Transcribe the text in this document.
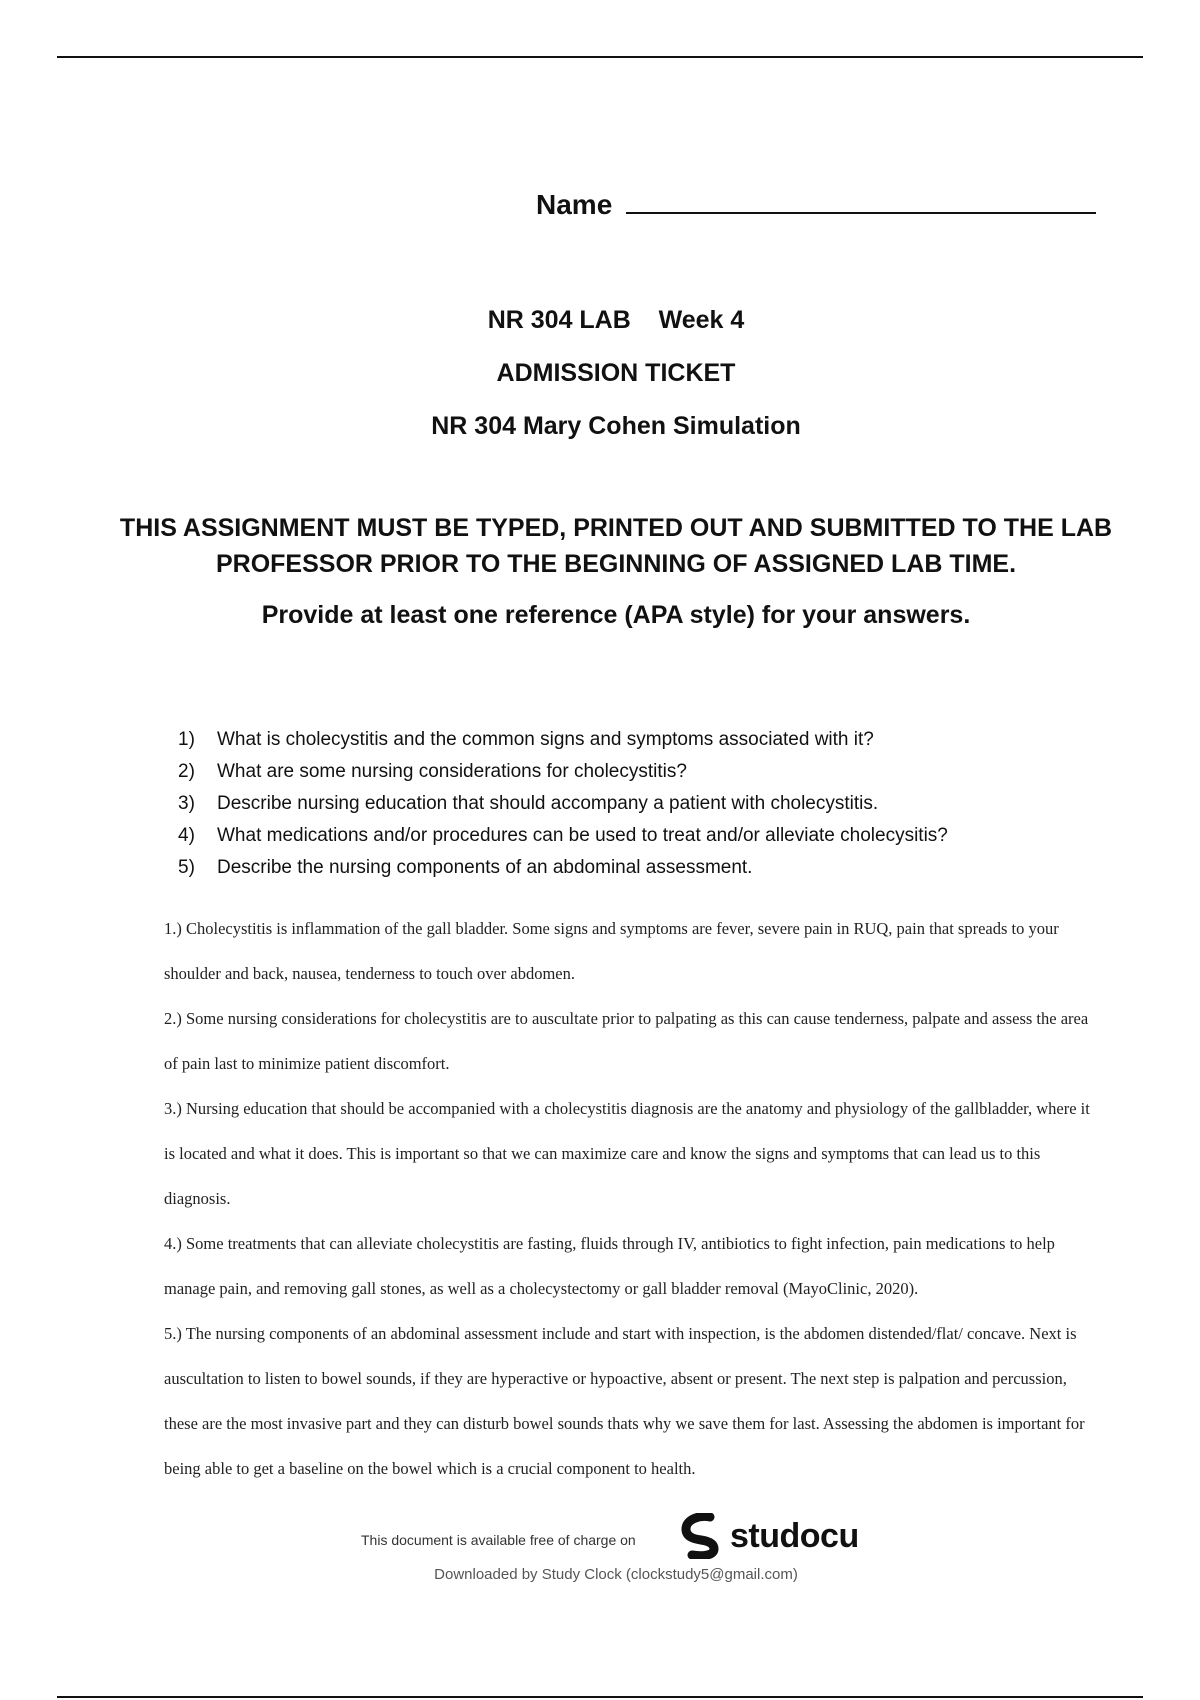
Name
NR 304 LAB    Week 4
ADMISSION TICKET
NR 304 Mary Cohen Simulation
THIS ASSIGNMENT MUST BE TYPED, PRINTED OUT AND SUBMITTED TO THE LAB
PROFESSOR PRIOR TO THE BEGINNING OF ASSIGNED LAB TIME.
Provide at least one reference (APA style) for your answers.
1) What is cholecystitis and the common signs and symptoms associated with it?
2) What are some nursing considerations for cholecystitis?
3) Describe nursing education that should accompany a patient with cholecystitis.
4) What medications and/or procedures can be used to treat and/or alleviate cholecysitis?
5) Describe the nursing components of an abdominal assessment.

1.) Cholecystitis is inflammation of the gall bladder. Some signs and symptoms are fever, severe pain in RUQ, pain that spreads to your shoulder and back, nausea, tenderness to touch over abdomen.

2.) Some nursing considerations for cholecystitis are to auscultate prior to palpating as this can cause tenderness, palpate and assess the area of pain last to minimize patient discomfort.

3.) Nursing education that should be accompanied with a cholecystitis diagnosis are the anatomy and physiology of the gallbladder, where it is located and what it does. This is important so that we can maximize care and know the signs and symptoms that can lead us to this diagnosis.

4.) Some treatments that can alleviate cholecystitis are fasting, fluids through IV, antibiotics to fight infection, pain medications to help manage pain, and removing gall stones, as well as a cholecystectomy or gall bladder removal (MayoClinic, 2020).

5.) The nursing components of an abdominal assessment include and start with inspection, is the abdomen distended/flat/ concave. Next is auscultation to listen to bowel sounds, if they are hyperactive or hypoactive, absent or present. The next step is palpation and percussion, these are the most invasive part and they can disturb bowel sounds thats why we save them for last. Assessing the abdomen is important for being able to get a baseline on the bowel which is a crucial component to health.

This document is available free of charge on	studocu
Downloaded by Study Clock (clockstudy5@gmail.com)
